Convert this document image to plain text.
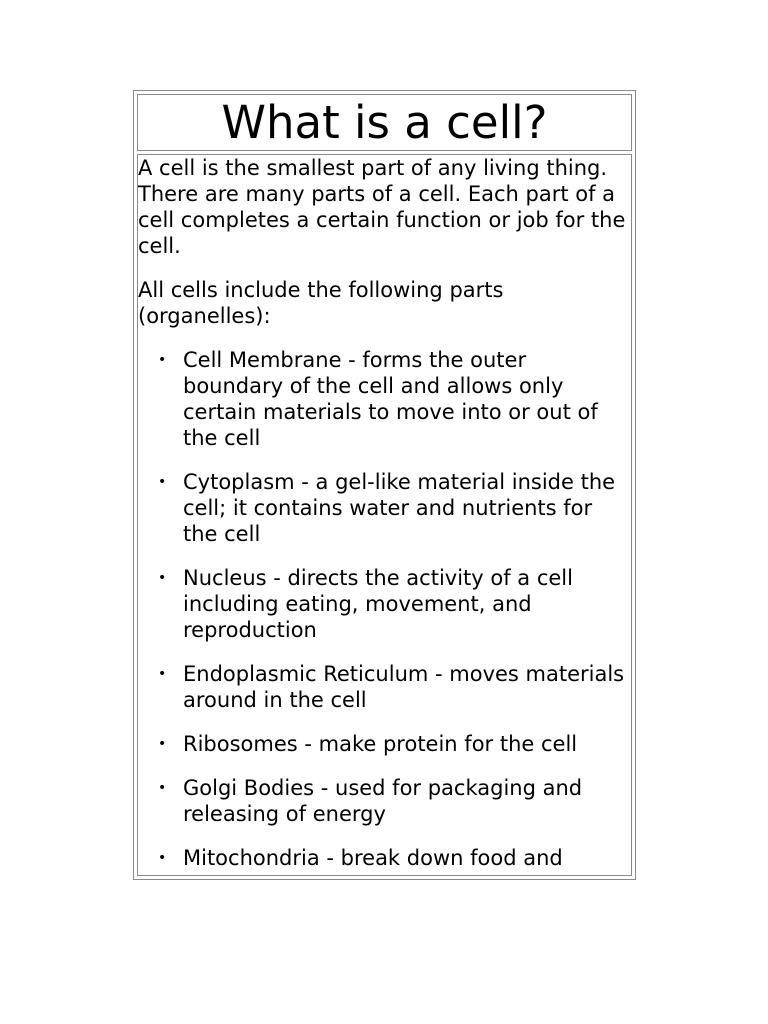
What is a cell?

A cell is the smallest part of any living thing. There are many parts of a cell. Each part of a cell completes a certain function or job for the cell.

All cells include the following parts (organelles):

• Cell Membrane - forms the outer boundary of the cell and allows only certain materials to move into or out of the cell
• Cytoplasm - a gel-like material inside the cell; it contains water and nutrients for the cell
• Nucleus - directs the activity of a cell including eating, movement, and reproduction
• Endoplasmic Reticulum - moves materials around in the cell
• Ribosomes - make protein for the cell
• Golgi Bodies - used for packaging and releasing of energy
• Mitochondria - break down food and
